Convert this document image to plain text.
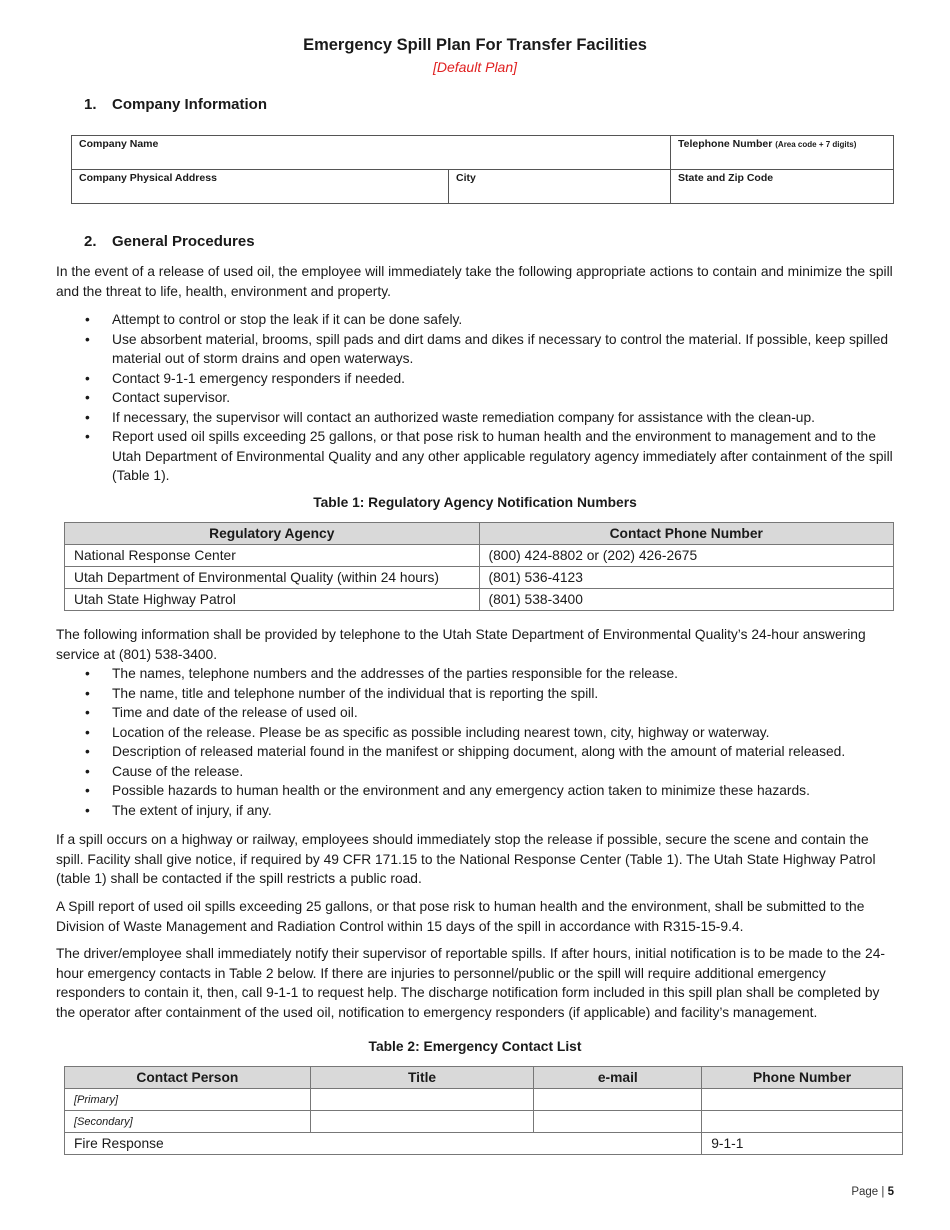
Emergency Spill Plan For Transfer Facilities
[Default Plan]
1. Company Information
Company Name	Telephone Number (Area code + 7 digits)
Company Physical Address	City	State and Zip Code
2. General Procedures

In the event of a release of used oil, the employee will immediately take the following appropriate actions to contain and minimize the spill and the threat to life, health, environment and property.

• Attempt to control or stop the leak if it can be done safely.
• Use absorbent material, brooms, spill pads and dirt dams and dikes if necessary to control the material. If possible, keep spilled material out of storm drains and open waterways.
• Contact 9-1-1 emergency responders if needed.
• Contact supervisor.
• If necessary, the supervisor will contact an authorized waste remediation company for assistance with the clean-up.
• Report used oil spills exceeding 25 gallons, or that pose risk to human health and the environment to management and to the Utah Department of Environmental Quality and any other applicable regulatory agency immediately after containment of the spill (Table 1).
Table 1: Regulatory Agency Notification Numbers
Regulatory Agency	Contact Phone Number
National Response Center	(800) 424-8802 or (202) 426-2675
Utah Department of Environmental Quality (within 24 hours)	(801) 536-4123
Utah State Highway Patrol	(801) 538-3400

The following information shall be provided by telephone to the Utah State Department of Environmental Quality’s 24-hour answering service at (801) 538-3400.

• The names, telephone numbers and the addresses of the parties responsible for the release.
• The name, title and telephone number of the individual that is reporting the spill.
• Time and date of the release of used oil.
• Location of the release. Please be as specific as possible including nearest town, city, highway or waterway.
• Description of released material found in the manifest or shipping document, along with the amount of material released.
• Cause of the release.
• Possible hazards to human health or the environment and any emergency action taken to minimize these hazards.
• The extent of injury, if any.

If a spill occurs on a highway or railway, employees should immediately stop the release if possible, secure the scene and contain the spill. Facility shall give notice, if required by 49 CFR 171.15 to the National Response Center (Table 1). The Utah State Highway Patrol (table 1) shall be contacted if the spill restricts a public road.

A Spill report of used oil spills exceeding 25 gallons, or that pose risk to human health and the environment, shall be submitted to the Division of Waste Management and Radiation Control within 15 days of the spill in accordance with R315-15-9.4.

The driver/employee shall immediately notify their supervisor of reportable spills. If after hours, initial notification is to be made to the 24-hour emergency contacts in Table 2 below. If there are injuries to personnel/public or the spill will require additional emergency responders to contain it, then, call 9-1-1 to request help. The discharge notification form included in this spill plan shall be completed by the operator after containment of the used oil, notification to emergency responders (if applicable) and facility’s management.

Table 2: Emergency Contact List
Contact Person	Title	e-mail	Phone Number
[Primary]			
[Secondary]			
Fire Response			9-1-1
Page | 5
